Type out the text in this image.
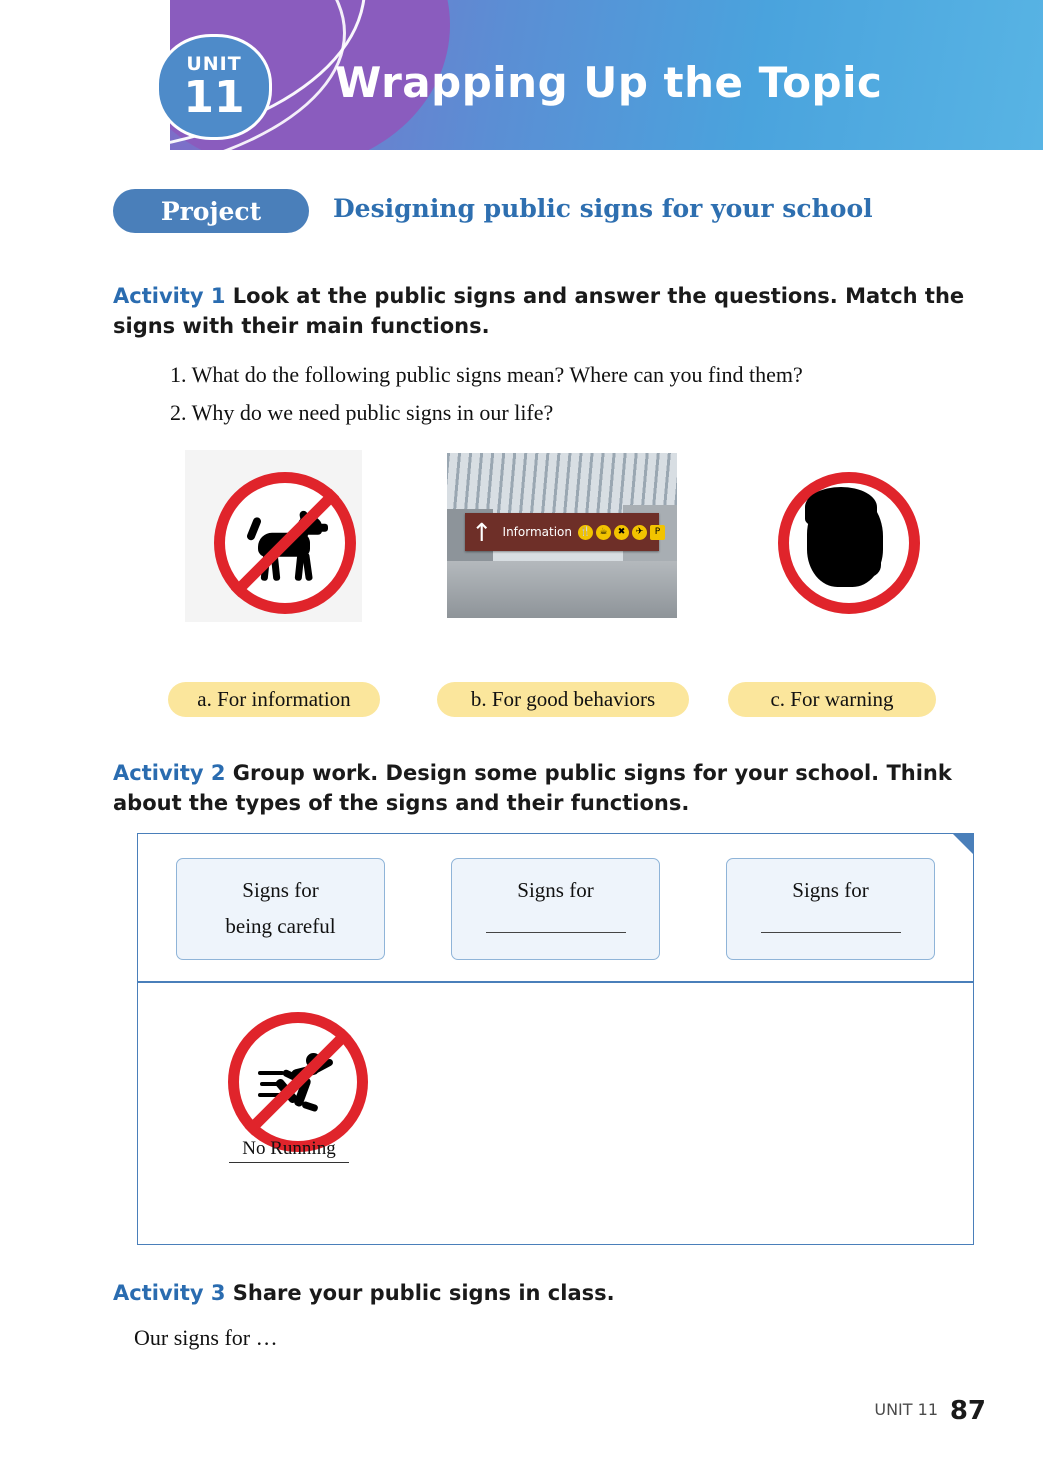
UNIT
11 Wrapping Up the Topic
Project	Designing public signs for your school
Activity 1 Look at the public signs and answer the questions. Match the signs with their main functions.
1. What do the following public signs mean? Where can you find them?
2. Why do we need public signs in our life?
↑ Information 🍴 ☕	✖	✈	P
a. For information	b. For good behaviors	c. For warning
Activity 2 Group work. Design some public signs for your school. Think about the types of the signs and their functions.
Signs for
being careful
Signs for	Signs for
No Running
Activity 3 Share your public signs in class.
Our signs for …
UNIT 11 87
